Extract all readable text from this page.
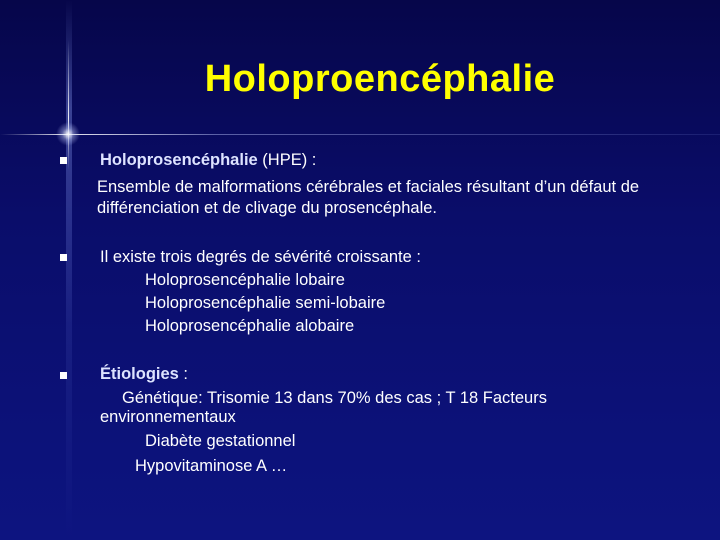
Holoproencéphalie
Holoprosencéphalie (HPE) :
Ensemble de malformations cérébrales et faciales résultant d’un défaut de différenciation et de clivage du prosencéphale.
Il existe trois degrés de sévérité croissante :
Holoprosencéphalie lobaire
Holoprosencéphalie semi-lobaire
Holoprosencéphalie alobaire
Étiologies :
Génétique: Trisomie 13 dans 70% des cas ; T 18 Facteurs environnementaux
Diabète gestationnel
Hypovitaminose A …
